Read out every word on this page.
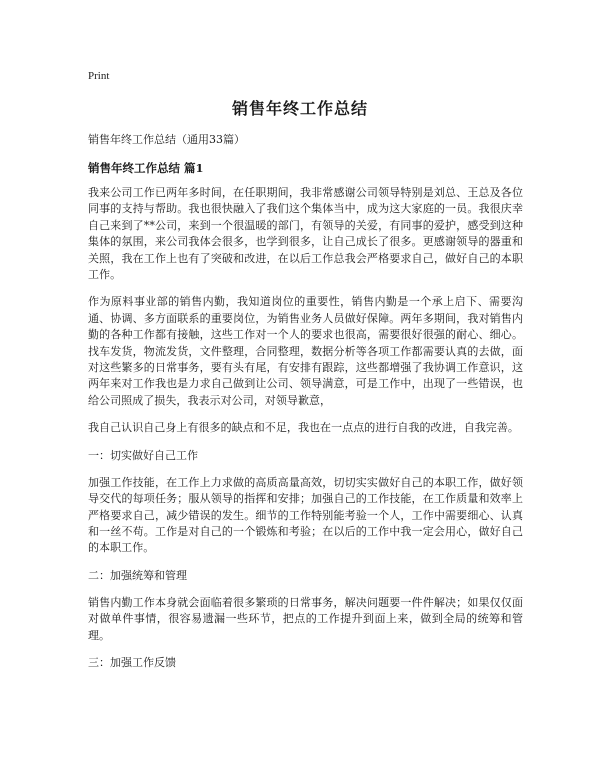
Print
销售年终工作总结

销售年终工作总结（通用33篇）

销售年终工作总结 篇1

我来公司工作已两年多时间，在任职期间，我非常感谢公司领导特别是刘总、王总及各位同事的支持与帮助。我也很快融入了我们这个集体当中，成为这大家庭的一员。我很庆幸自己来到了**公司，来到一个很温暖的部门，有领导的关爱，有同事的爱护，感受到这种集体的氛围，来公司我体会很多，也学到很多，让自己成长了很多。更感谢领导的器重和关照，我在工作上也有了突破和改进，在以后工作总我会严格要求自己，做好自己的本职工作。

作为原料事业部的销售内勤，我知道岗位的重要性，销售内勤是一个承上启下、需要沟通、协调、多方面联系的重要岗位，为销售业务人员做好保障。两年多期间，我对销售内勤的各种工作都有接触，这些工作对一个人的要求也很高，需要很好很强的耐心、细心。找车发货，物流发货，文件整理，合同整理，数据分析等各项工作都需要认真的去做，面对这些繁多的日常事务，要有头有尾，有安排有跟踪，这些都增强了我协调工作意识，这两年来对工作我也是力求自己做到让公司、领导满意，可是工作中，出现了一些错误，也给公司照成了损失，我表示对公司，对领导歉意，

我自己认识自己身上有很多的缺点和不足，我也在一点点的进行自我的改进，自我完善。

一：切实做好自己工作

加强工作技能，在工作上力求做的高质高量高效，切切实实做好自己的本职工作，做好领导交代的每项任务；服从领导的指挥和安排；加强自己的工作技能，在工作质量和效率上严格要求自己，减少错误的发生。细节的工作特别能考验一个人，工作中需要细心、认真和一丝不苟。工作是对自己的一个锻炼和考验；在以后的工作中我一定会用心，做好自己的本职工作。

二：加强统筹和管理

销售内勤工作本身就会面临着很多繁琐的日常事务，解决问题要一件件解决；如果仅仅面对做单件事情，很容易遗漏一些环节，把点的工作提升到面上来，做到全局的统筹和管理。

三：加强工作反馈
